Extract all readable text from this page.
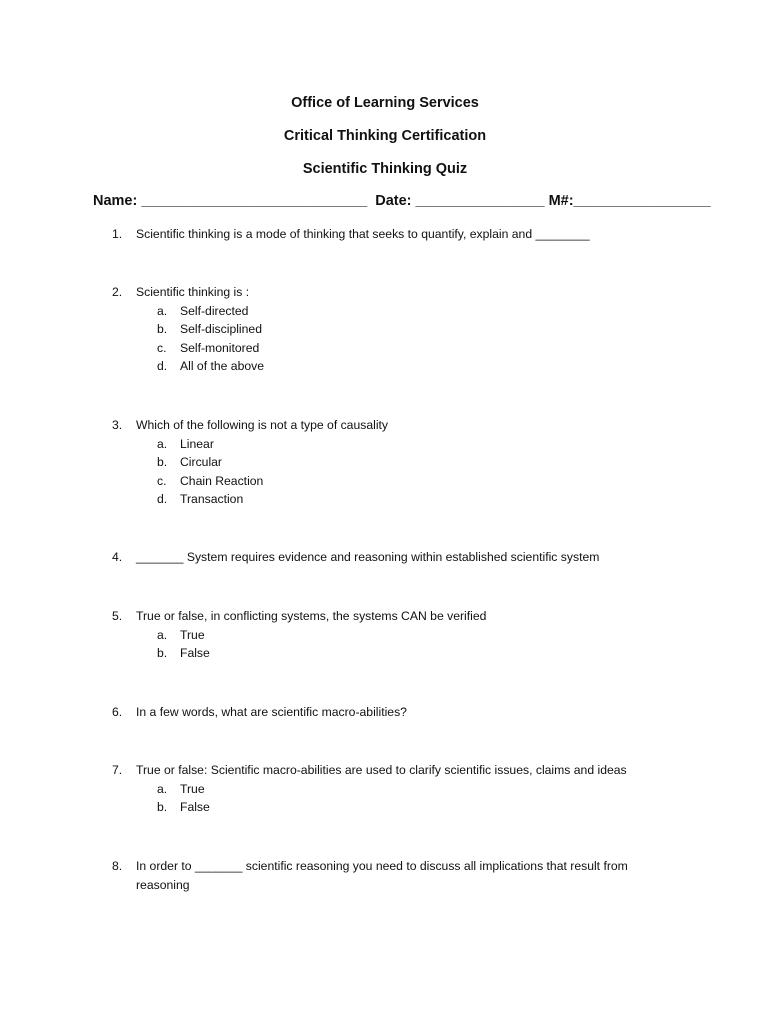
Office of Learning Services
Critical Thinking Certification
Scientific Thinking Quiz
Name: ____________________________ Date: ________________ M#:_________________
1.	Scientific thinking is a mode of thinking that seeks to quantify, explain and ________
2.	Scientific thinking is :
a. Self-directed
b. Self-disciplined
c. Self-monitored
d. All of the above
3.	Which of the following is not a type of causality
a. Linear
b. Circular
c. Chain Reaction
d. Transaction
4.	_______ System requires evidence and reasoning within established scientific system
5.	True or false, in conflicting systems, the systems CAN be verified
a. True
b. False
6.	In a few words, what are scientific macro-abilities?
7.	True or false: Scientific macro-abilities are used to clarify scientific issues, claims and ideas
a. True
b. False
8.	In order to _______ scientific reasoning you need to discuss all implications that result from reasoning
